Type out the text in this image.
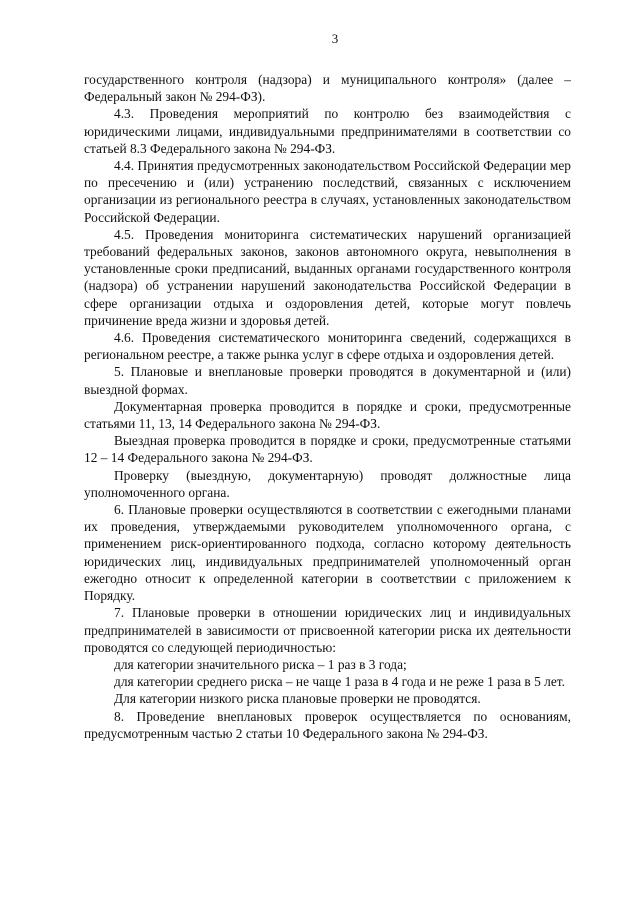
3

государственного контроля (надзора) и муниципального контроля» (далее – Федеральный закон № 294-ФЗ).

4.3. Проведения мероприятий по контролю без взаимодействия с юридическими лицами, индивидуальными предпринимателями в соответствии со статьей 8.3 Федерального закона № 294-ФЗ.

4.4. Принятия предусмотренных законодательством Российской Федерации мер по пресечению и (или) устранению последствий, связанных с исключением организации из регионального реестра в случаях, установленных законодательством Российской Федерации.

4.5. Проведения мониторинга систематических нарушений организацией требований федеральных законов, законов автономного округа, невыполнения в установленные сроки предписаний, выданных органами государственного контроля (надзора) об устранении нарушений законодательства Российской Федерации в сфере организации отдыха и оздоровления детей, которые могут повлечь причинение вреда жизни и здоровья детей.

4.6. Проведения систематического мониторинга сведений, содержащихся в региональном реестре, а также рынка услуг в сфере отдыха и оздоровления детей.

5. Плановые и внеплановые проверки проводятся в документарной и (или) выездной формах.

Документарная проверка проводится в порядке и сроки, предусмотренные статьями 11, 13, 14 Федерального закона № 294-ФЗ.

Выездная проверка проводится в порядке и сроки, предусмотренные статьями 12 – 14 Федерального закона № 294-ФЗ.

Проверку (выездную, документарную) проводят должностные лица уполномоченного органа.

6. Плановые проверки осуществляются в соответствии с ежегодными планами их проведения, утверждаемыми руководителем уполномоченного органа, с применением риск-ориентированного подхода, согласно которому деятельность юридических лиц, индивидуальных предпринимателей уполномоченный орган ежегодно относит к определенной категории в соответствии с приложением к Порядку.

7. Плановые проверки в отношении юридических лиц и индивидуальных предпринимателей в зависимости от присвоенной категории риска их деятельности проводятся со следующей периодичностью:

для категории значительного риска – 1 раз в 3 года;

для категории среднего риска – не чаще 1 раза в 4 года и не реже 1 раза в 5 лет.

Для категории низкого риска плановые проверки не проводятся.

8. Проведение внеплановых проверок осуществляется по основаниям, предусмотренным частью 2 статьи 10 Федерального закона № 294-ФЗ.
